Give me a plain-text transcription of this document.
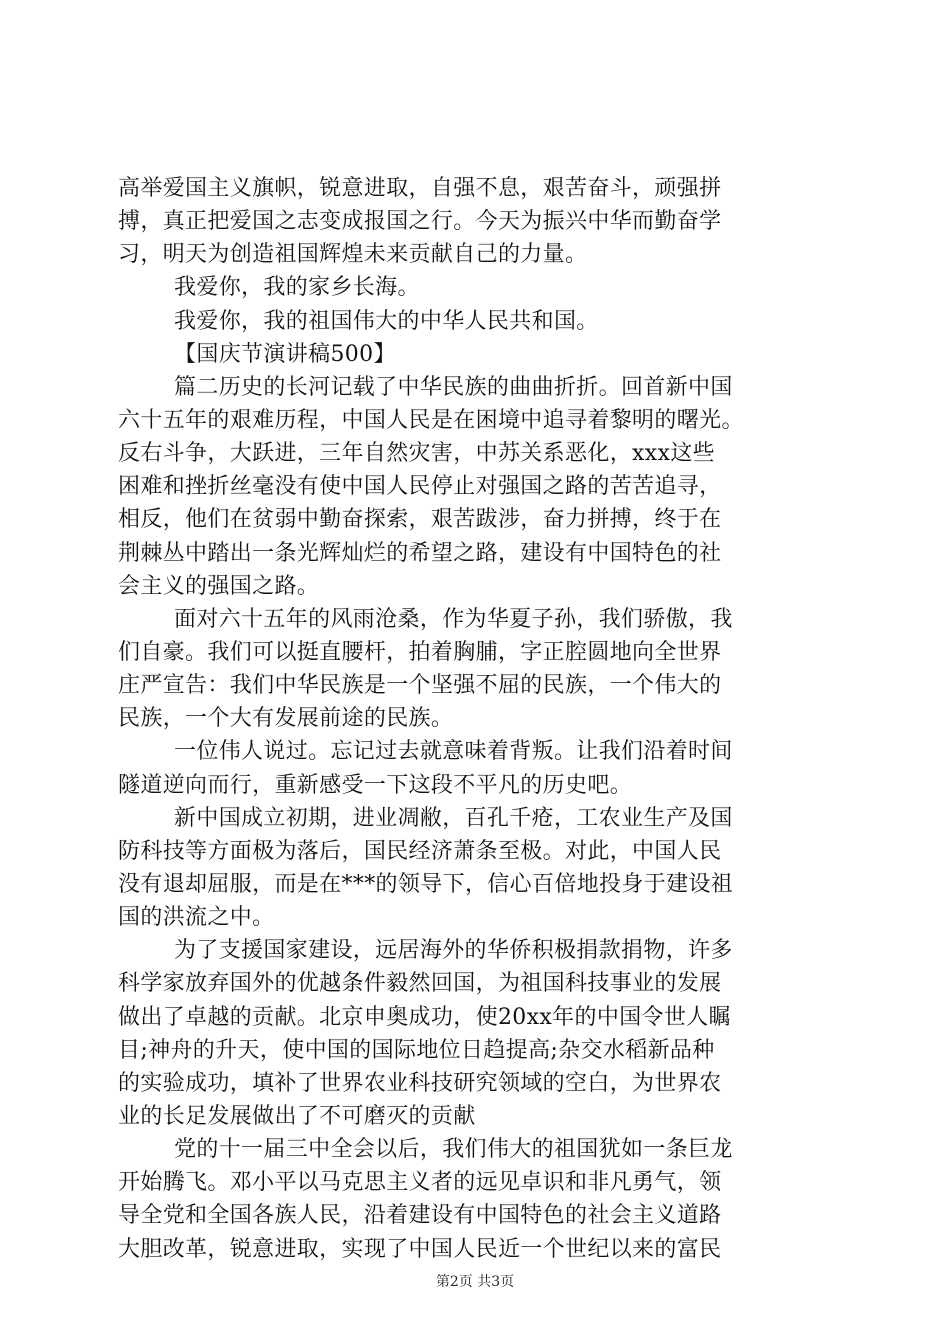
高举爱国主义旗帜，锐意进取，自强不息，艰苦奋斗，顽强拼
搏，真正把爱国之志变成报国之行。今天为振兴中华而勤奋学
习，明天为创造祖国辉煌未来贡献自己的力量。
我爱你，我的家乡长海。
我爱你，我的祖国伟大的中华人民共和国。
【国庆节演讲稿500】
篇二历史的长河记载了中华民族的曲曲折折。回首新中国
六十五年的艰难历程，中国人民是在困境中追寻着黎明的曙光。
反右斗争，大跃进，三年自然灾害，中苏关系恶化，xxx这些
困难和挫折丝毫没有使中国人民停止对强国之路的苦苦追寻，
相反，他们在贫弱中勤奋探索，艰苦跋涉，奋力拼搏，终于在
荆棘丛中踏出一条光辉灿烂的希望之路，建设有中国特色的社
会主义的强国之路。
面对六十五年的风雨沧桑，作为华夏子孙，我们骄傲，我
们自豪。我们可以挺直腰杆，拍着胸脯，字正腔圆地向全世界
庄严宣告：我们中华民族是一个坚强不屈的民族，一个伟大的
民族，一个大有发展前途的民族。
一位伟人说过。忘记过去就意味着背叛。让我们沿着时间
隧道逆向而行，重新感受一下这段不平凡的历史吧。
新中国成立初期，进业凋敝，百孔千疮，工农业生产及国
防科技等方面极为落后，国民经济萧条至极。对此，中国人民
没有退却屈服，而是在***的领导下，信心百倍地投身于建设祖
国的洪流之中。
为了支援国家建设，远居海外的华侨积极捐款捐物，许多
科学家放弃国外的优越条件毅然回国，为祖国科技事业的发展
做出了卓越的贡献。北京申奥成功，使20xx年的中国令世人瞩
目;神舟的升天，使中国的国际地位日趋提高;杂交水稻新品种
的实验成功，填补了世界农业科技研究领域的空白，为世界农
业的长足发展做出了不可磨灭的贡献
党的十一届三中全会以后，我们伟大的祖国犹如一条巨龙
开始腾飞。邓小平以马克思主义者的远见卓识和非凡勇气，领
导全党和全国各族人民，沿着建设有中国特色的社会主义道路
大胆改革，锐意进取，实现了中国人民近一个世纪以来的富民
第2页 共3页
